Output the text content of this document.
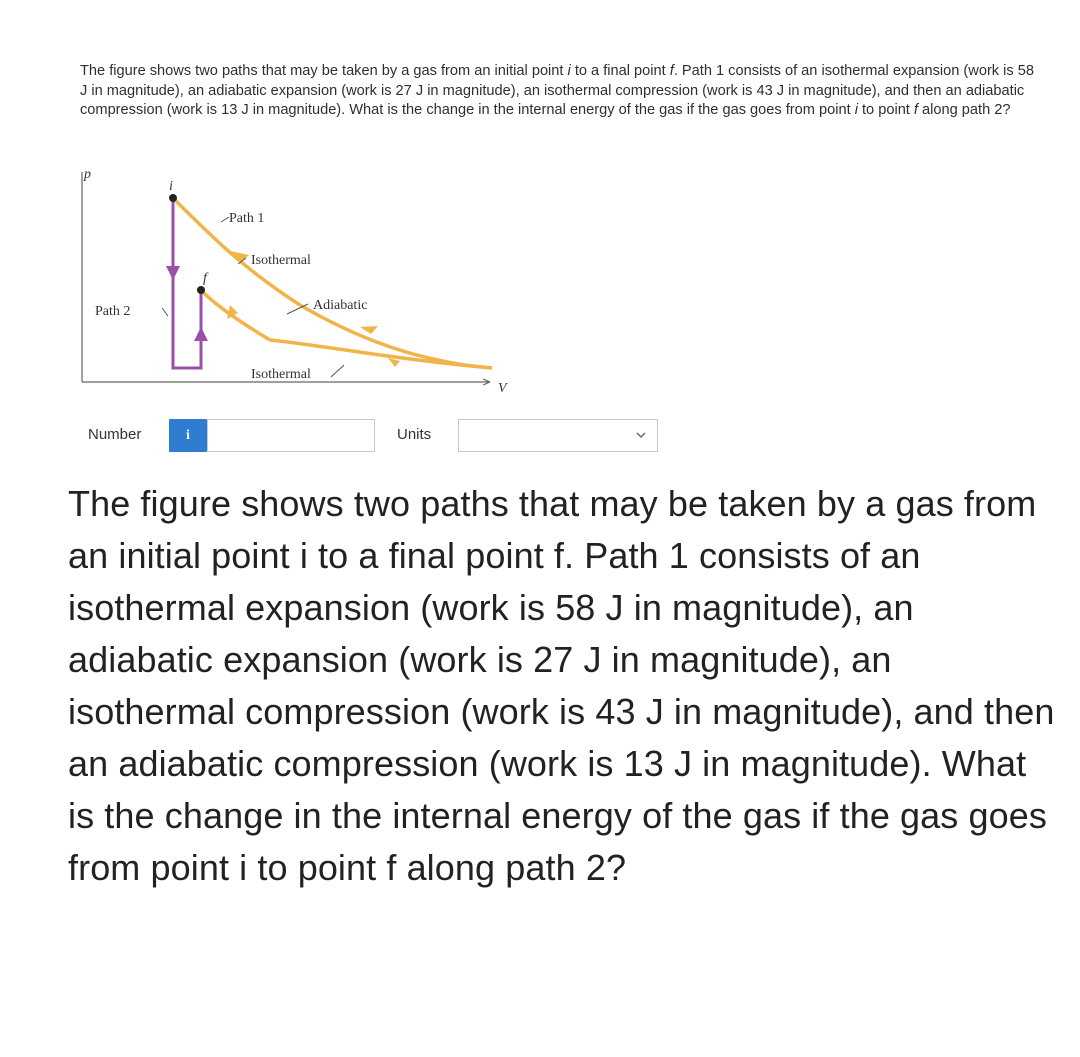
The figure shows two paths that may be taken by a gas from an initial point i to a final point f. Path 1 consists of an isothermal expansion (work is 58 J in magnitude), an adiabatic expansion (work is 27 J in magnitude), an isothermal compression (work is 43 J in magnitude), and then an adiabatic compression (work is 13 J in magnitude). What is the change in the internal energy of the gas if the gas goes from point i to point f along path 2?
p
V
i
f
Path 1
Isothermal
Adiabatic
Path 2
Isothermal
Number	i	Units
The figure shows two paths that may be taken by a gas from an initial point i to a final point f. Path 1 consists of an isothermal expansion (work is 58 J in magnitude), an adiabatic expansion (work is 27 J in magnitude), an isothermal compression (work is 43 J in magnitude), and then an adiabatic compression (work is 13 J in magnitude). What is the change in the internal energy of the gas if the gas goes from point i to point f along path 2?
